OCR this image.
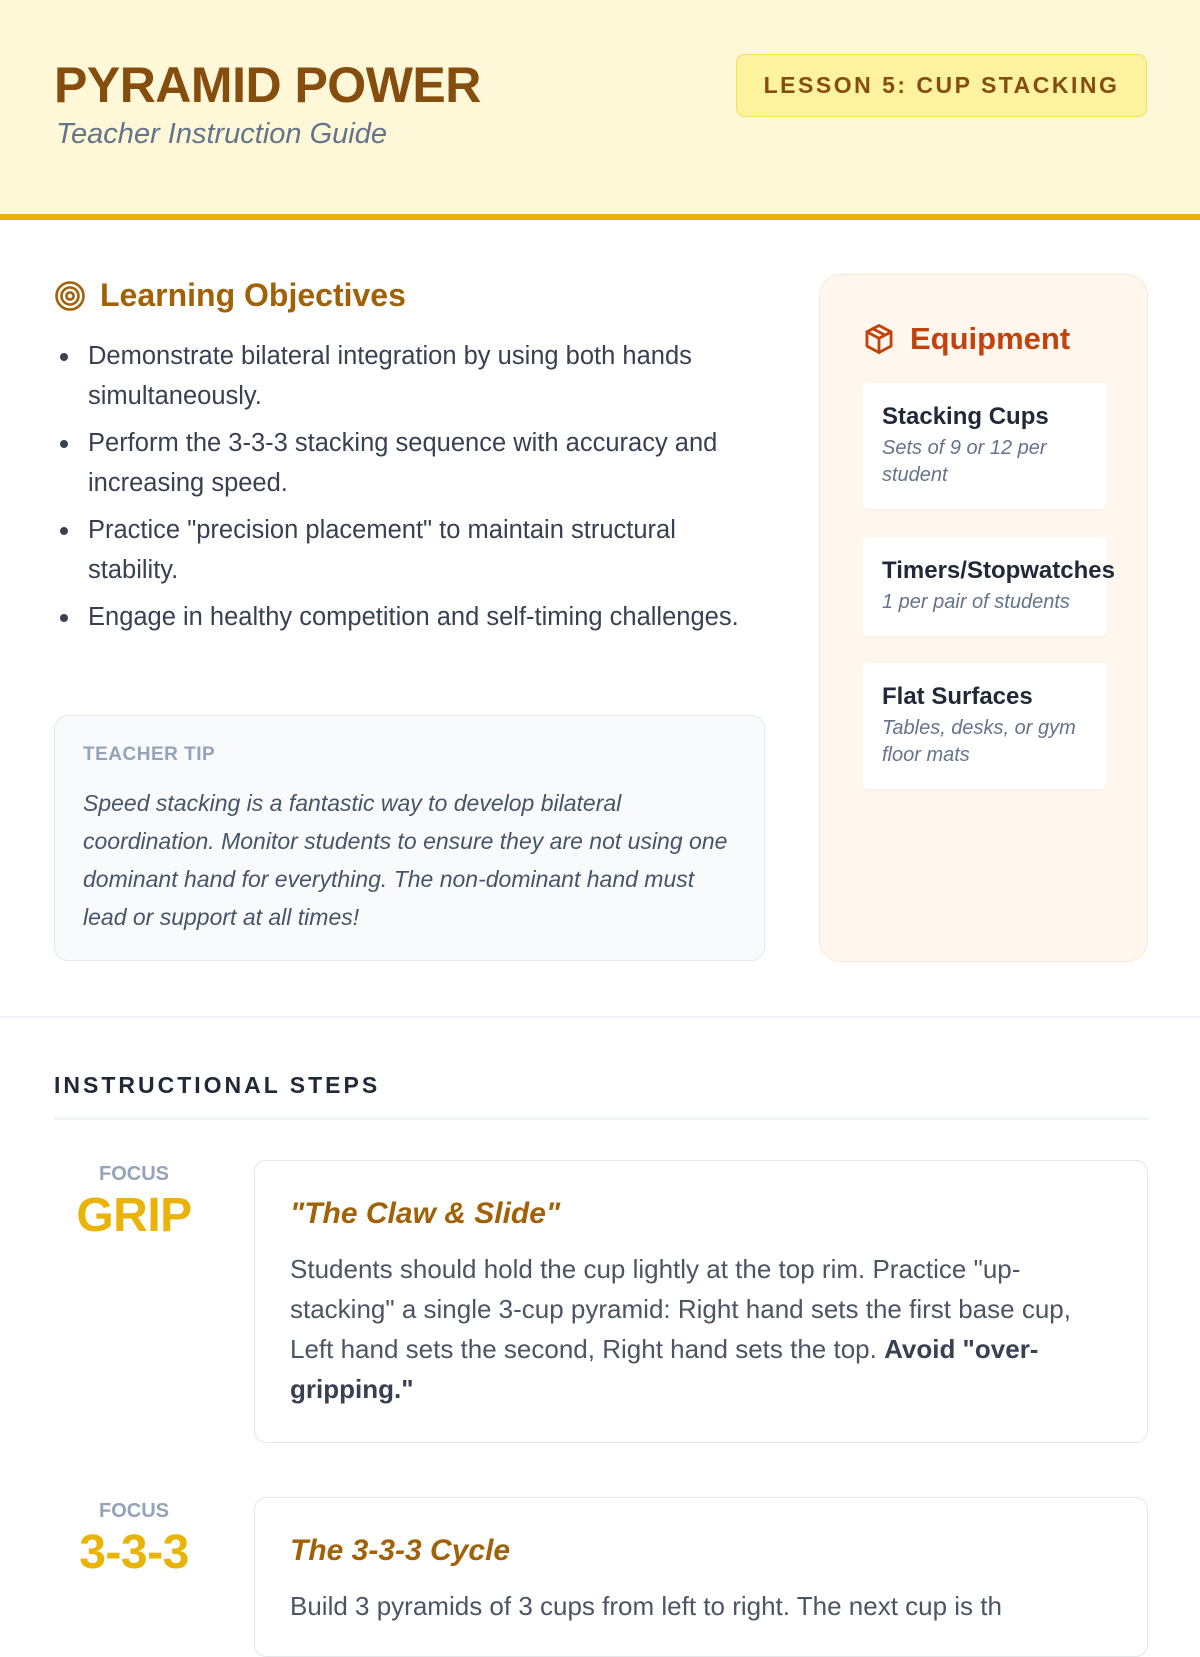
PYRAMID POWER
Teacher Instruction Guide
LESSON 5: CUP STACKING
Learning Objectives
Demonstrate bilateral integration by using both hands simultaneously.
Perform the 3-3-3 stacking sequence with accuracy and increasing speed.
Practice "precision placement" to maintain structural stability.
Engage in healthy competition and self-timing challenges.
TEACHER TIP
Speed stacking is a fantastic way to develop bilateral coordination. Monitor students to ensure they are not using one dominant hand for everything. The non-dominant hand must lead or support at all times!
Equipment
Stacking Cups
Sets of 9 or 12 per student
Timers/Stopwatches
1 per pair of students
Flat Surfaces
Tables, desks, or gym floor mats
INSTRUCTIONAL STEPS
FOCUS
GRIP	"The Claw & Slide"
Students should hold the cup lightly at the top rim. Practice "up-stacking" a single 3-cup pyramid: Right hand sets the first base cup, Left hand sets the second, Right hand sets the top. Avoid "over-gripping."
FOCUS
3-3-3	The 3-3-3 Cycle
Build 3 pyramids of 3 cups from left to right. The next cup is th
